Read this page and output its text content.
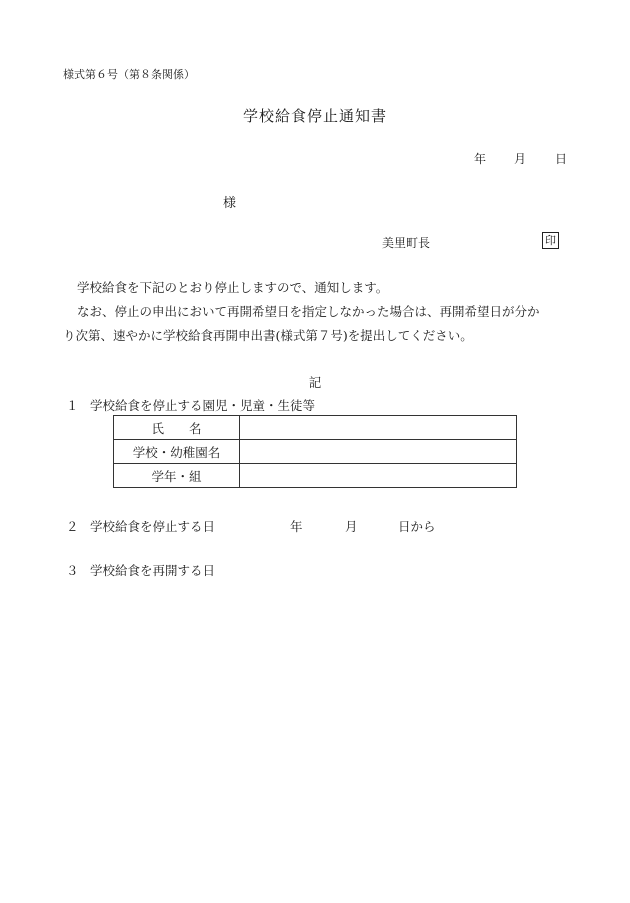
様式第６号（第８条関係）
学校給食停止通知書
年 月 日
様
美里町長	印
学校給食を下記のとおり停止しますので、通知します。
なお、停止の申出において再開希望日を指定しなかった場合は、再開希望日が分か
り次第、速やかに学校給食再開申出書(様式第７号)を提出してください。
記
１ 学校給食を停止する園児・児童・生徒等
氏　　名	
学校・幼稚園名	
学年・組	
２ 学校給食を停止する日	年	月	日から
３ 学校給食を再開する日
